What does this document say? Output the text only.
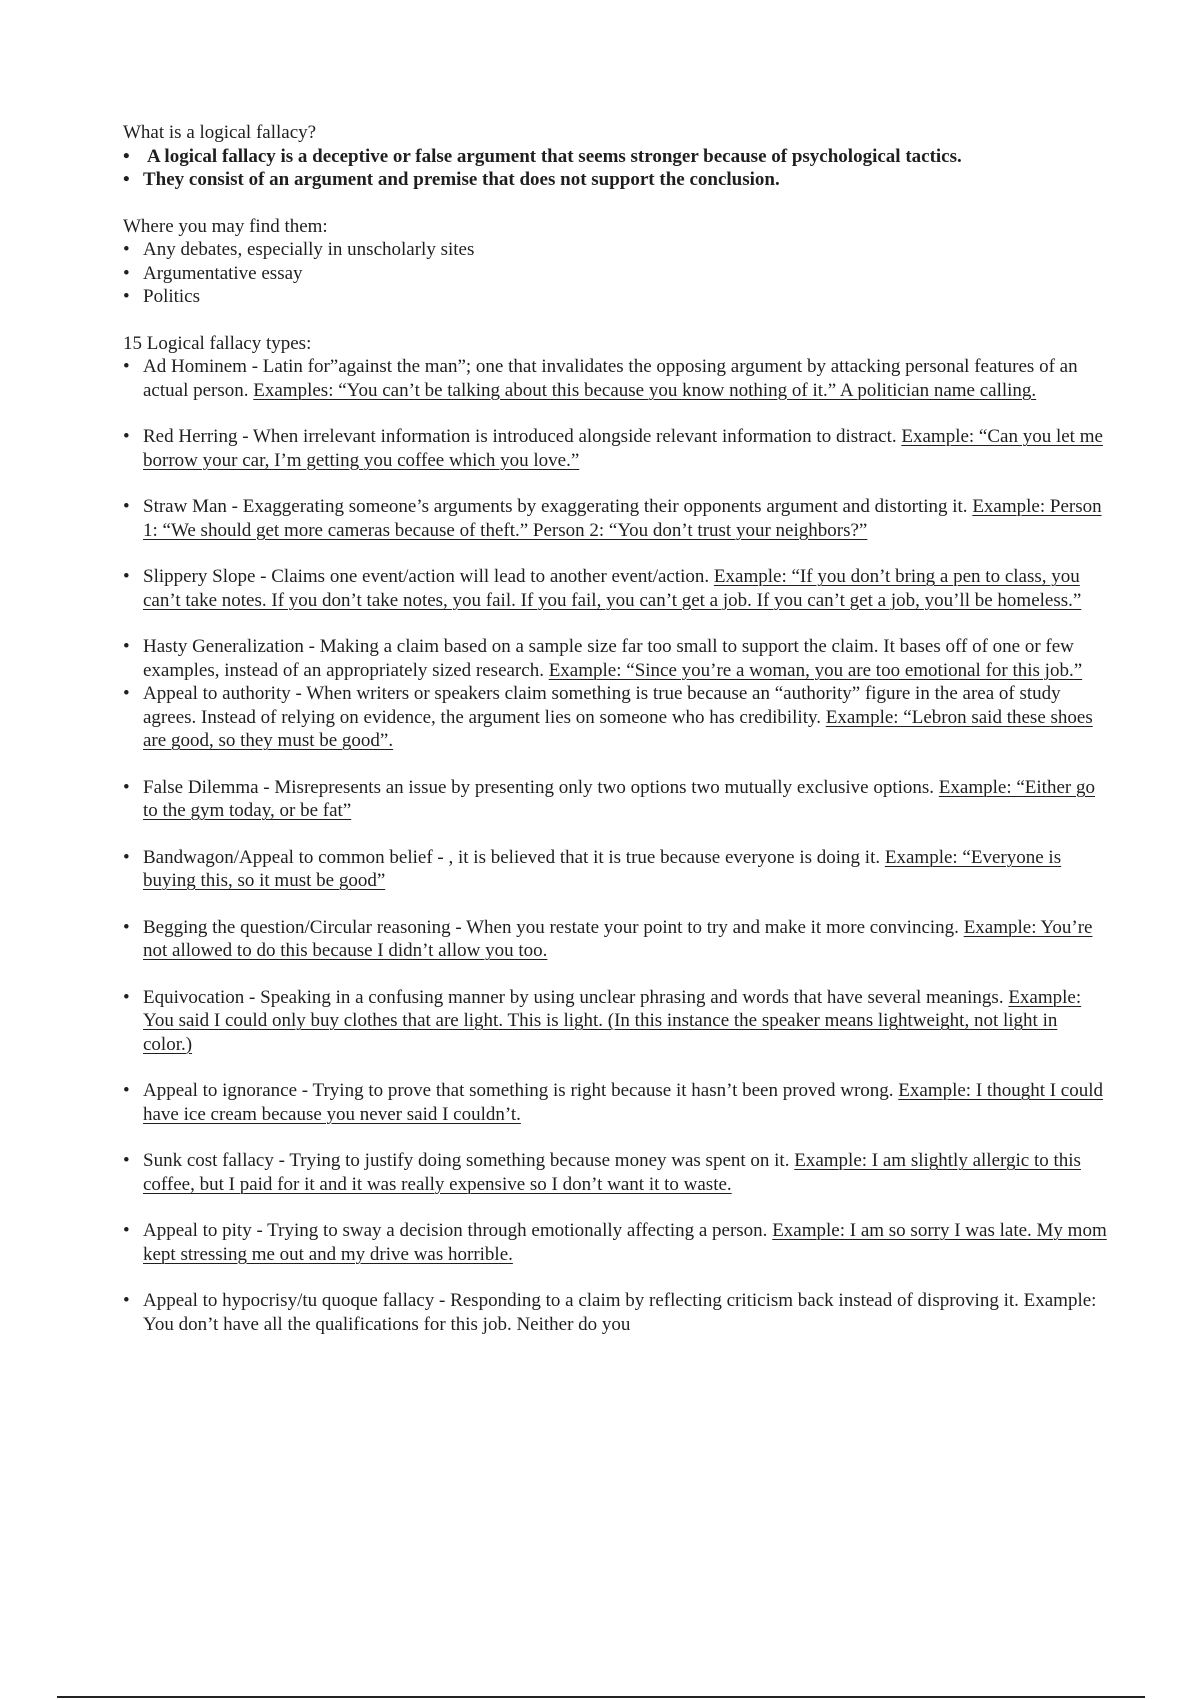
What is a logical fallacy?

• A logical fallacy is a deceptive or false argument that seems stronger because of psychological tactics.
• They consist of an argument and premise that does not support the conclusion.

Where you may find them:

• Any debates, especially in unscholarly sites
• Argumentative essay
• Politics

15 Logical fallacy types:

• Ad Hominem - Latin for”against the man”; one that invalidates the opposing argument by attacking personal features of an actual person. Examples: “You can’t be talking about this because you know nothing of it.” A politician name calling.
• Red Herring - When irrelevant information is introduced alongside relevant information to distract. Example: “Can you let me borrow your car, I’m getting you coffee which you love.”
• Straw Man - Exaggerating someone’s arguments by exaggerating their opponents argument and distorting it. Example: Person 1: “We should get more cameras because of theft.” Person 2: “You don’t trust your neighbors?”
• Slippery Slope - Claims one event/action will lead to another event/action. Example: “If you don’t bring a pen to class, you can’t take notes. If you don’t take notes, you fail. If you fail, you can’t get a job. If you can’t get a job, you’ll be homeless.”
• Hasty Generalization - Making a claim based on a sample size far too small to support the claim. It bases off of one or few examples, instead of an appropriately sized research. Example: “Since you’re a woman, you are too emotional for this job.”
• Appeal to authority - When writers or speakers claim something is true because an “authority” figure in the area of study agrees. Instead of relying on evidence, the argument lies on someone who has credibility. Example: “Lebron said these shoes are good, so they must be good”.
• False Dilemma - Misrepresents an issue by presenting only two options two mutually exclusive options. Example: “Either go to the gym today, or be fat”
• Bandwagon/Appeal to common belief - , it is believed that it is true because everyone is doing it. Example: “Everyone is buying this, so it must be good”
• Begging the question/Circular reasoning - When you restate your point to try and make it more convincing. Example: You’re not allowed to do this because I didn’t allow you too.
• Equivocation - Speaking in a confusing manner by using unclear phrasing and words that have several meanings. Example: You said I could only buy clothes that are light. This is light. (In this instance the speaker means lightweight, not light in color.)
• Appeal to ignorance - Trying to prove that something is right because it hasn’t been proved wrong. Example: I thought I could have ice cream because you never said I couldn’t.
• Sunk cost fallacy - Trying to justify doing something because money was spent on it. Example: I am slightly allergic to this coffee, but I paid for it and it was really expensive so I don’t want it to waste.
• Appeal to pity - Trying to sway a decision through emotionally affecting a person. Example: I am so sorry I was late. My mom kept stressing me out and my drive was horrible.
• Appeal to hypocrisy/tu quoque fallacy - Responding to a claim by reflecting criticism back instead of disproving it. Example: You don’t have all the qualifications for this job. Neither do you
